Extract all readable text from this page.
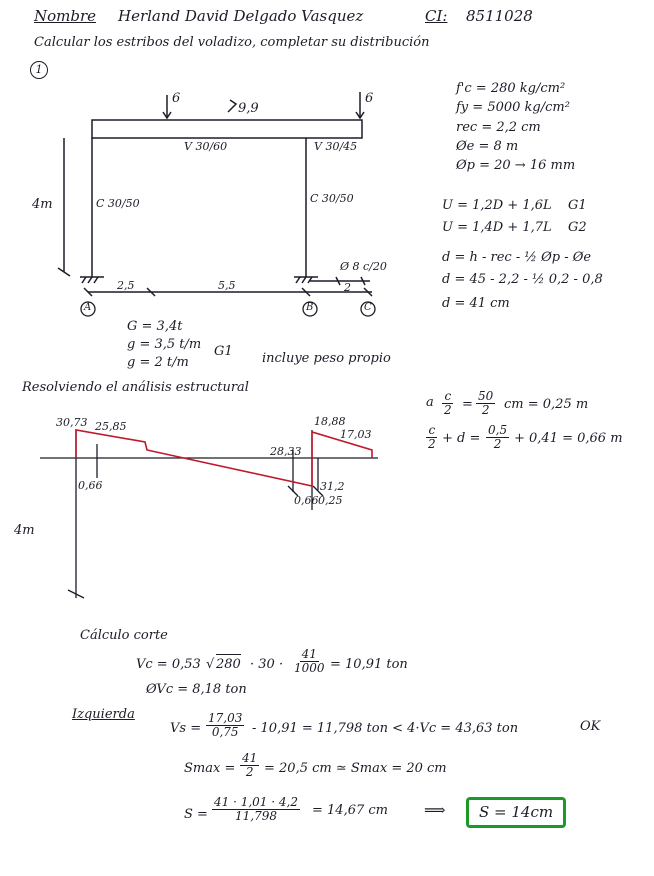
Nombre Herland David Delgado Vasquez	CI: 8511028
Calcular los estribos del voladizo, completar su distribución
1
6	6
9,9
V 30/60	V 30/45
C 30/50	C 30/50
4m
2,5	5,5	2
Ø 8 c/20
A	B	C
G = 3,4t
g = 3,5 t/m
g = 2 t/m
G1 incluye peso propio
f'c = 280 kg/cm²
fy = 5000 kg/cm²
rec = 2,2 cm
Øe = 8 m
Øp = 20 → 16 mm
U = 1,2D + 1,6L G1
U = 1,4D + 1,7L G2
d = h - rec - ½ Øp - Øe
d = 45 - 2,2 - ½ 0,2 - 0,8
d = 41 cm
Resolviendo el análisis estructural
a $\frac{c}{2} = \frac{50}{2}$ cm = 0,25 m
$\frac{c}{2} + d = \frac{0,5}{2} + 0,41 = 0,66$ m
30,73 25,85
28,33
18,88
17,03
31,2
0,66
0,66 0,25
4m
Cálculo corte
Vc = 0,53 √ $280 \cdot 30 \cdot \frac{41}{1000} = 10,91$ ton
ØVc = 8,18 ton
Izquierda
$Vs = \frac{17,03}{0,75} - 10,91 = 11,798$ ton < 4·Vc = 43,63 ton	OK
$Smax = \frac{41}{2} = 20,5$ cm ≃ Smax = 20 cm
$S = \frac{41 \cdot 1,01 \cdot 4,2}{11,798} = 14,67$ cm ⟹	S = 14cm
